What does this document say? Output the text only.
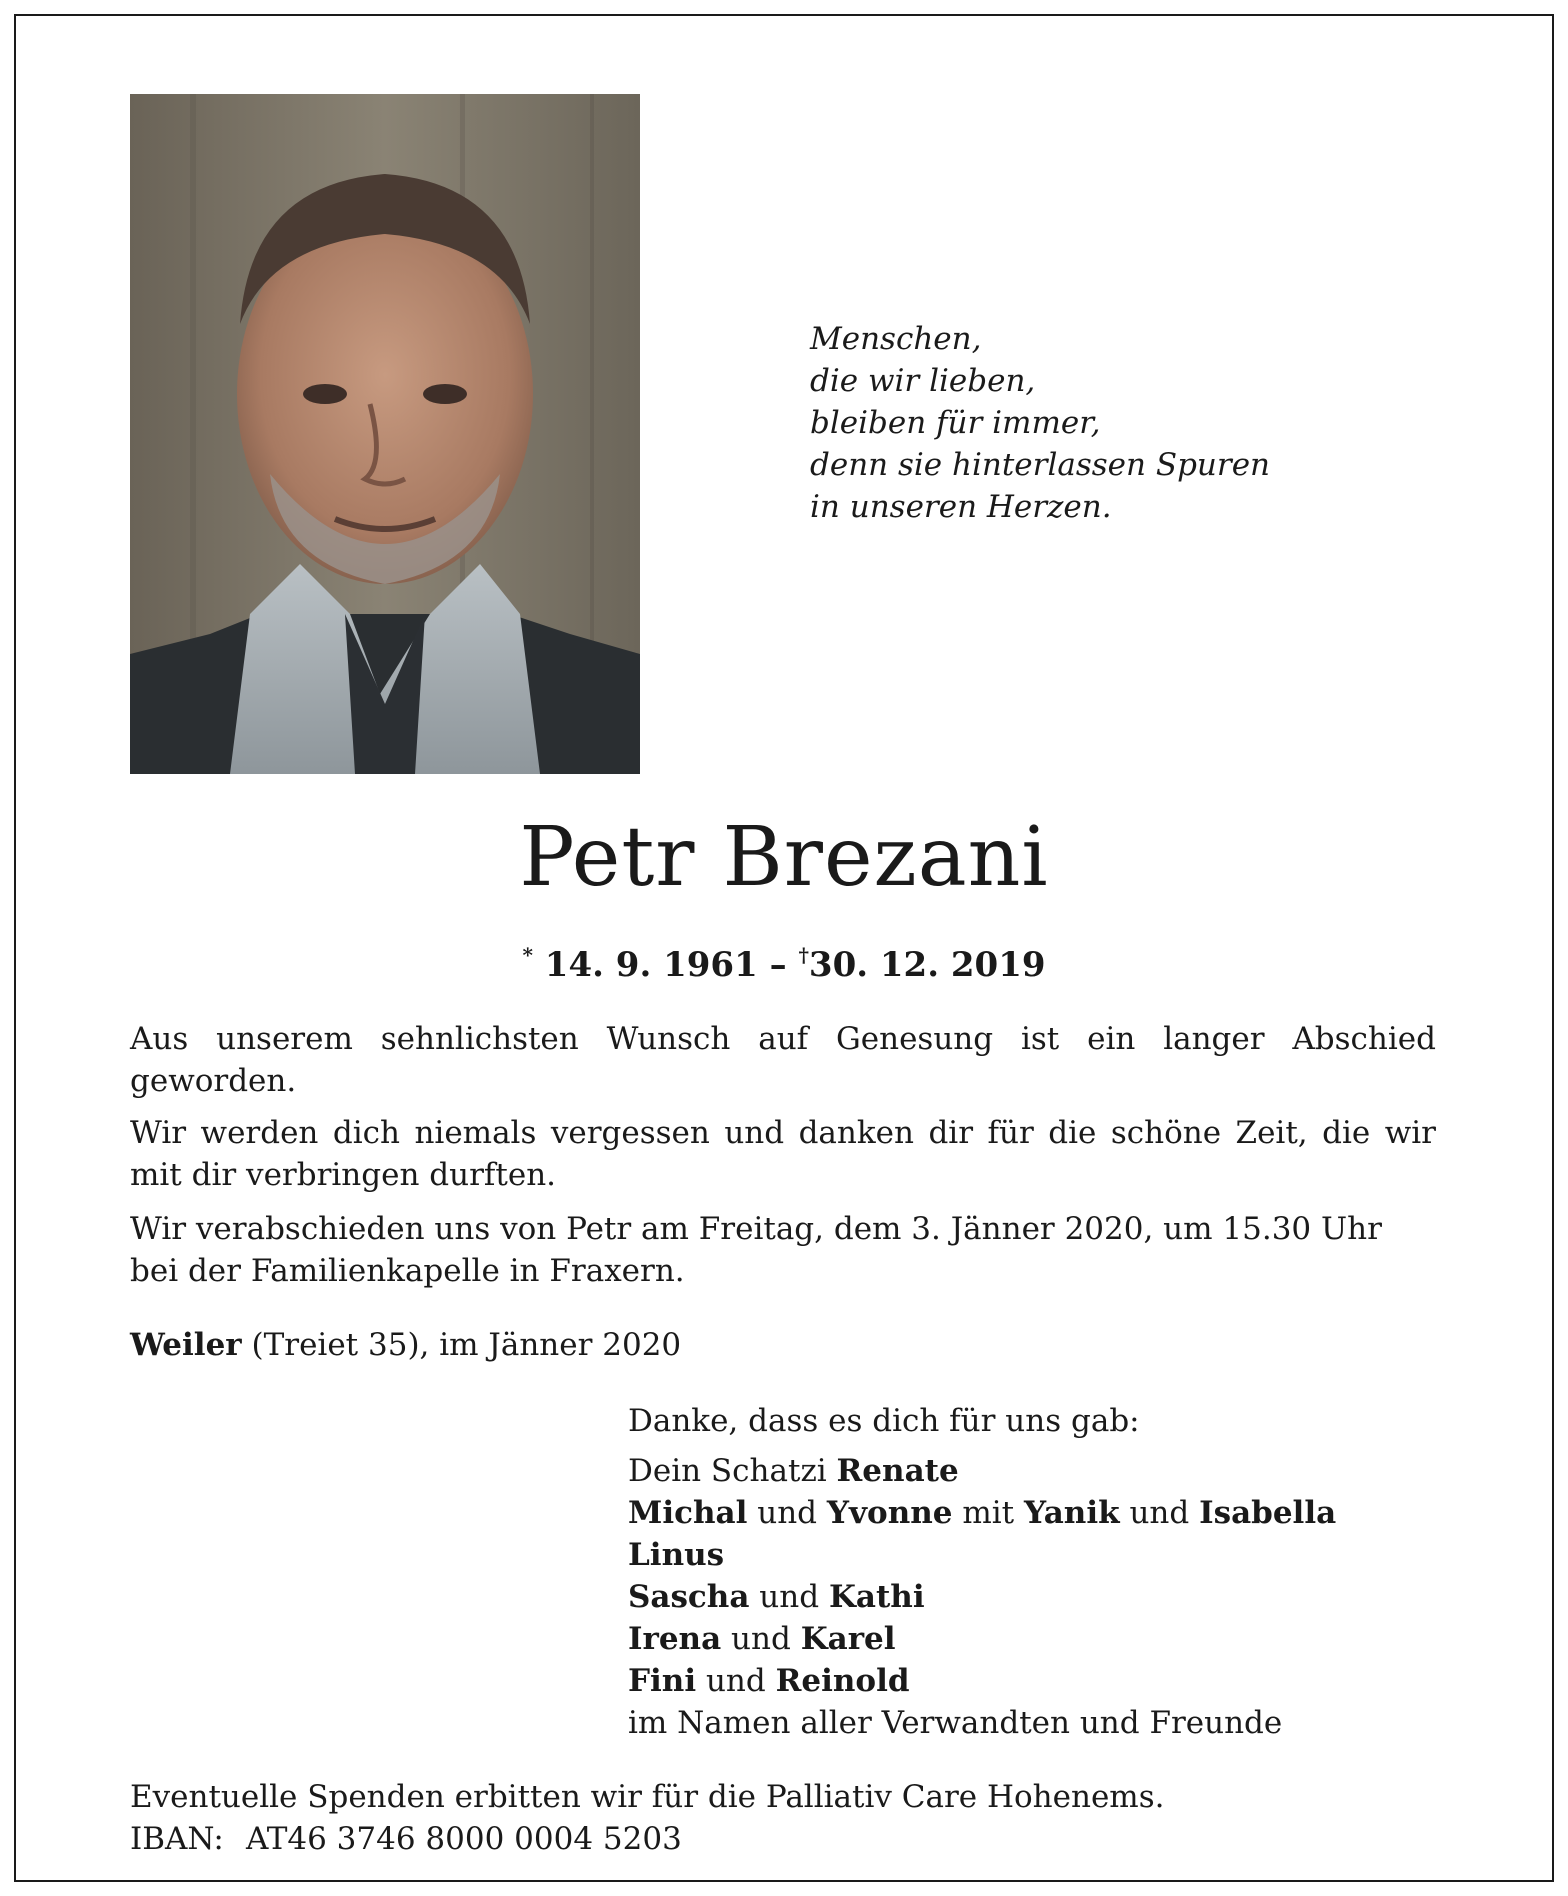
Menschen,
die wir lieben,
bleiben für immer,
denn sie hinterlassen Spuren
in unseren Herzen.
Petr Brezani
* 14. 9. 1961 – †30. 12. 2019
Aus unserem sehnlichsten Wunsch auf Genesung ist ein langer Abschied geworden.
Wir werden dich niemals vergessen und danken dir für die schöne Zeit, die wir mit dir verbringen durften.
Wir verabschieden uns von Petr am Freitag, dem 3. Jänner 2020, um 15.30 Uhr bei der Familienkapelle in Fraxern.
Weiler (Treiet 35), im Jänner 2020
Danke, dass es dich für uns gab:
Dein Schatzi Renate
Michal und Yvonne mit Yanik und Isabella
Linus
Sascha und Kathi
Irena und Karel
Fini und Reinold
im Namen aller Verwandten und Freunde
Eventuelle Spenden erbitten wir für die Palliativ Care Hohenems.
IBAN: AT46 3746 8000 0004 5203
